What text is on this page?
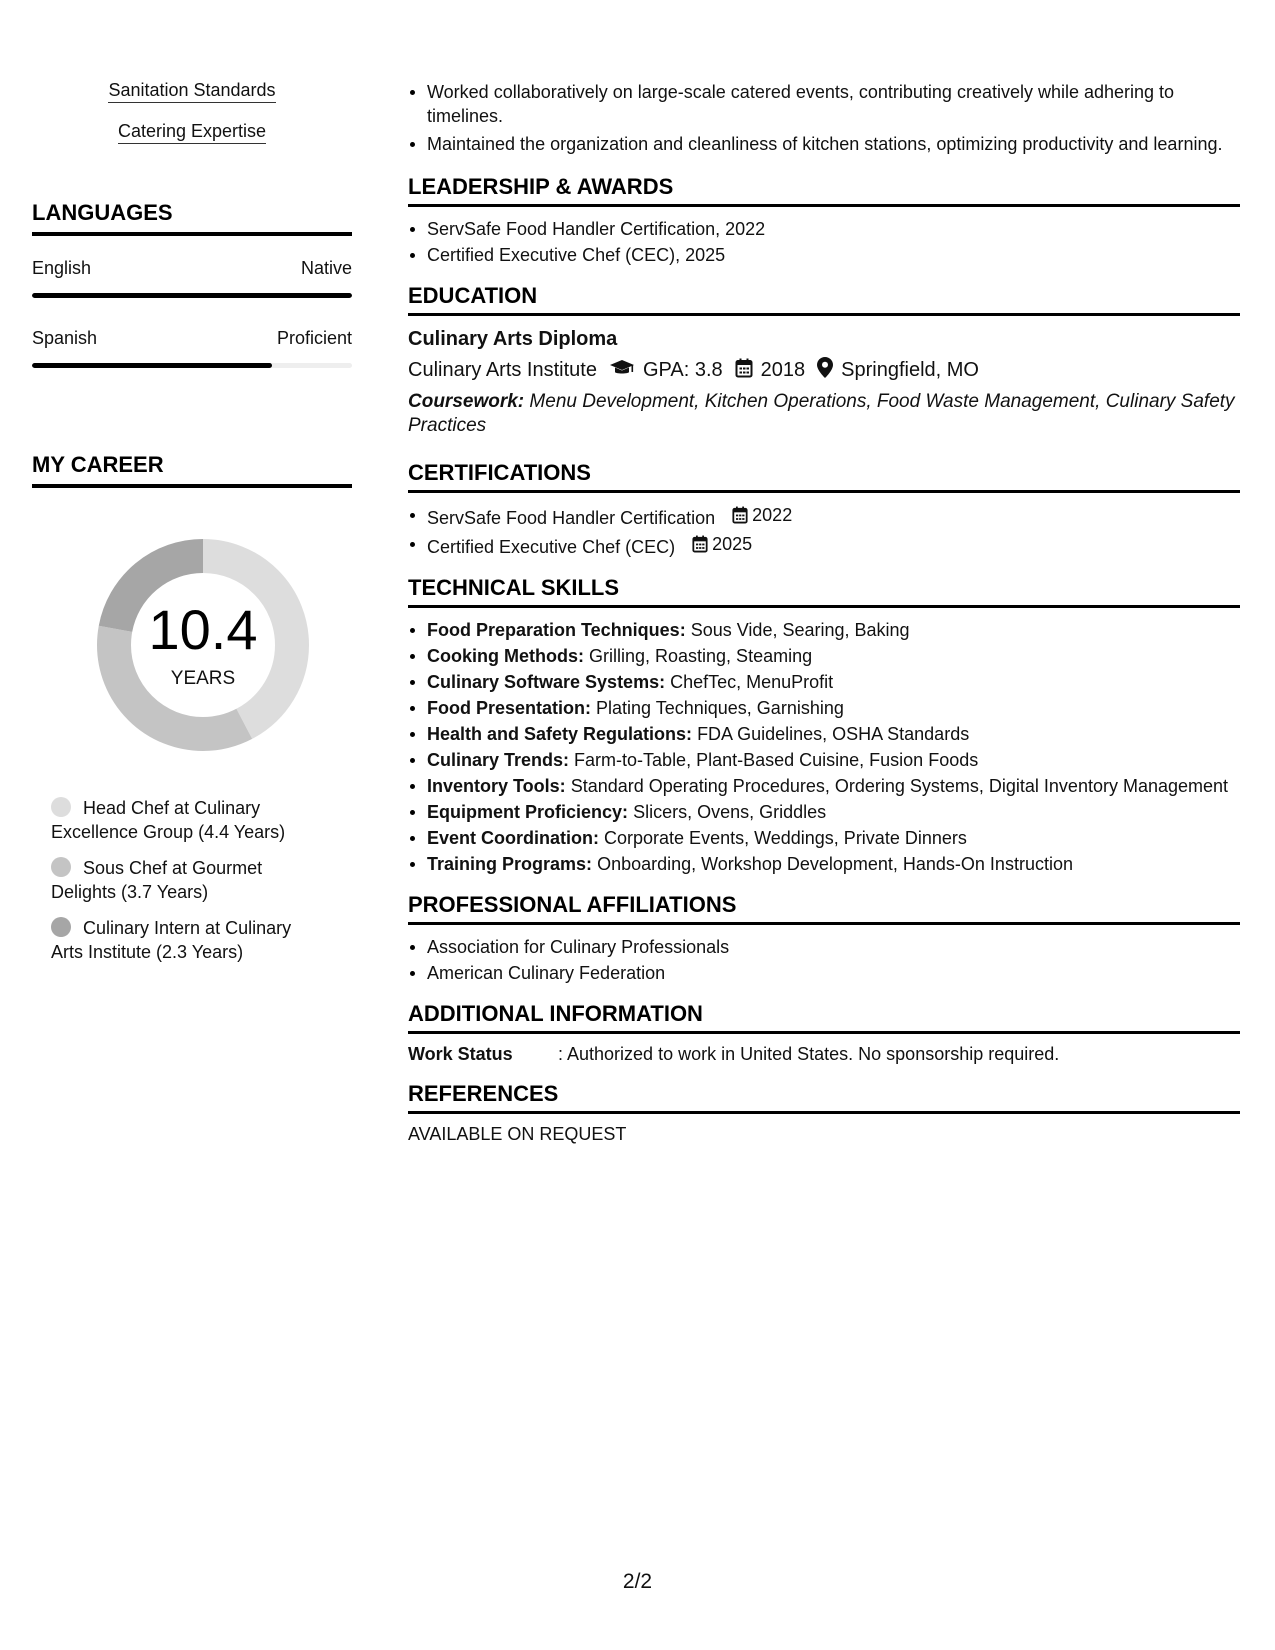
Sanitation Standards
Catering Expertise
LANGUAGES
English	Native
Spanish	Proficient
MY CAREER
10.4
YEARS
Head Chef at Culinary Excellence Group (4.4 Years)
Sous Chef at Gourmet Delights (3.7 Years)
Culinary Intern at Culinary Arts Institute (2.3 Years)
Worked collaboratively on large-scale catered events, contributing creatively while adhering to timelines.
Maintained the organization and cleanliness of kitchen stations, optimizing productivity and learning.
LEADERSHIP & AWARDS
ServSafe Food Handler Certification, 2022
Certified Executive Chef (CEC), 2025
EDUCATION
Culinary Arts Diploma
Culinary Arts Institute GPA: 3.8 2018 Springfield, MO
Coursework: Menu Development, Kitchen Operations, Food Waste Management, Culinary Safety Practices
CERTIFICATIONS
ServSafe Food Handler Certification 2022
Certified Executive Chef (CEC) 2025
TECHNICAL SKILLS
Food Preparation Techniques: Sous Vide, Searing, Baking
Cooking Methods: Grilling, Roasting, Steaming
Culinary Software Systems: ChefTec, MenuProfit
Food Presentation: Plating Techniques, Garnishing
Health and Safety Regulations: FDA Guidelines, OSHA Standards
Culinary Trends: Farm-to-Table, Plant-Based Cuisine, Fusion Foods
Inventory Tools: Standard Operating Procedures, Ordering Systems, Digital Inventory Management
Equipment Proficiency: Slicers, Ovens, Griddles
Event Coordination: Corporate Events, Weddings, Private Dinners
Training Programs: Onboarding, Workshop Development, Hands-On Instruction
PROFESSIONAL AFFILIATIONS
Association for Culinary Professionals
American Culinary Federation
ADDITIONAL INFORMATION
Work Status	: Authorized to work in United States. No sponsorship required.
REFERENCES
AVAILABLE ON REQUEST
2/2
